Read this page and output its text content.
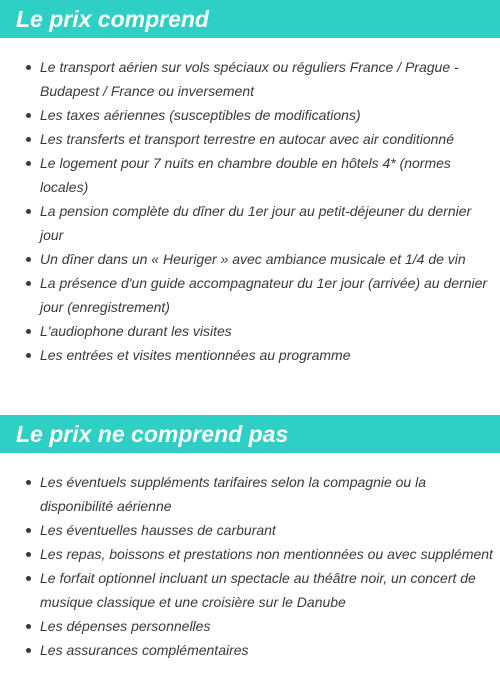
Le prix comprend
Le transport aérien sur vols spéciaux ou réguliers France / Prague - Budapest / France ou inversement
Les taxes aériennes (susceptibles de modifications)
Les transferts et transport terrestre en autocar avec air conditionné
Le logement pour 7 nuits en chambre double en hôtels 4* (normes locales)
La pension complète du dîner du 1er jour au petit-déjeuner du dernier jour
Un dîner dans un « Heuriger » avec ambiance musicale et 1/4 de vin
La présence d'un guide accompagnateur du 1er jour (arrivée) au dernier jour (enregistrement)
L'audiophone durant les visites
Les entrées et visites mentionnées au programme
Le prix ne comprend pas
Les éventuels suppléments tarifaires selon la compagnie ou la disponibilité aérienne
Les éventuelles hausses de carburant
Les repas, boissons et prestations non mentionnées ou avec supplément
Le forfait optionnel incluant un spectacle au théâtre noir, un concert de musique classique et une croisière sur le Danube
Les dépenses personnelles
Les assurances complémentaires
